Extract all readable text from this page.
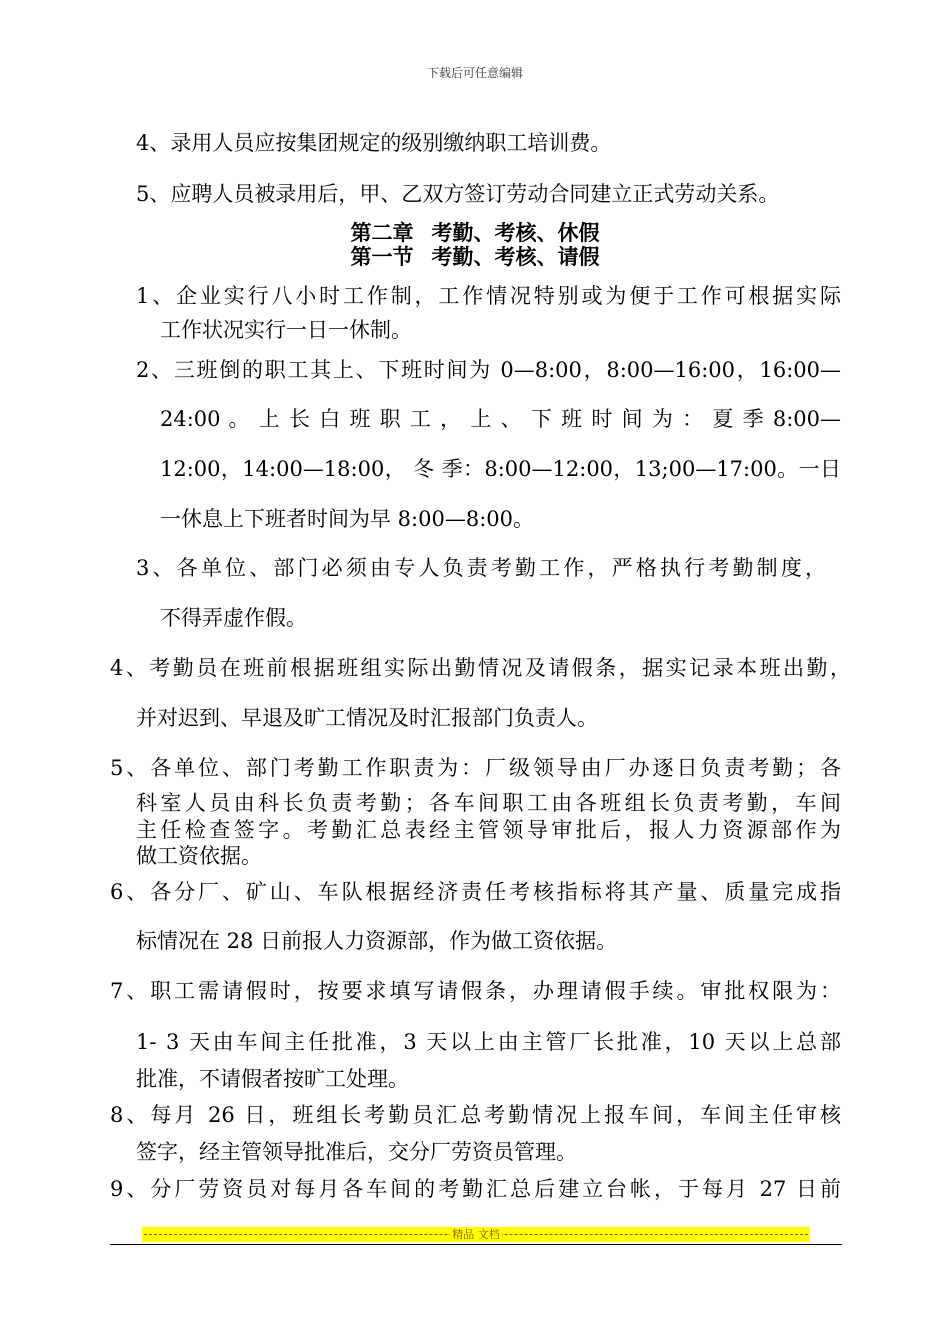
下载后可任意编辑
4、录用人员应按集团规定的级别缴纳职工培训费。
5、应聘人员被录用后，甲、乙双方签订劳动合同建立正式劳动关系。
第二章 考勤、考核、休假
第一节 考勤、考核、请假
1、企业实行八小时工作制，工作情况特别或为便于工作可根据实际
工作状况实行一日一休制。
2、三班倒的职工其上、下班时间为 0—8:00，8:00—16:00，16:00—
24:00 。 上 长 白 班 职 工 ， 上 、 下 班 时 间 为 ： 夏 季 8:00—
12:00，14:00—18:00， 冬 季：8:00—12:00，13;00—17:00。一日
一休息上下班者时间为早 8:00—8:00。
3、各单位、部门必须由专人负责考勤工作，严格执行考勤制度，
不得弄虚作假。
4、考勤员在班前根据班组实际出勤情况及请假条，据实记录本班出勤，
并对迟到、早退及旷工情况及时汇报部门负责人。
5、各单位、部门考勤工作职责为：厂级领导由厂办逐日负责考勤；各
科室人员由科长负责考勤；各车间职工由各班组长负责考勤，车间
主任检查签字。考勤汇总表经主管领导审批后，报人力资源部作为
做工资依据。
6、各分厂、矿山、车队根据经济责任考核指标将其产量、质量完成指
标情况在 28 日前报人力资源部，作为做工资依据。
7、职工需请假时，按要求填写请假条，办理请假手续。审批权限为：
1- 3 天由车间主任批准，3 天以上由主管厂长批准，10 天以上总部
批准，不请假者按旷工处理。
8、每月 26 日，班组长考勤员汇总考勤情况上报车间，车间主任审核
签字，经主管领导批准后，交分厂劳资员管理。
9、分厂劳资员对每月各车间的考勤汇总后建立台帐，于每月 27 日前
精品 文档
